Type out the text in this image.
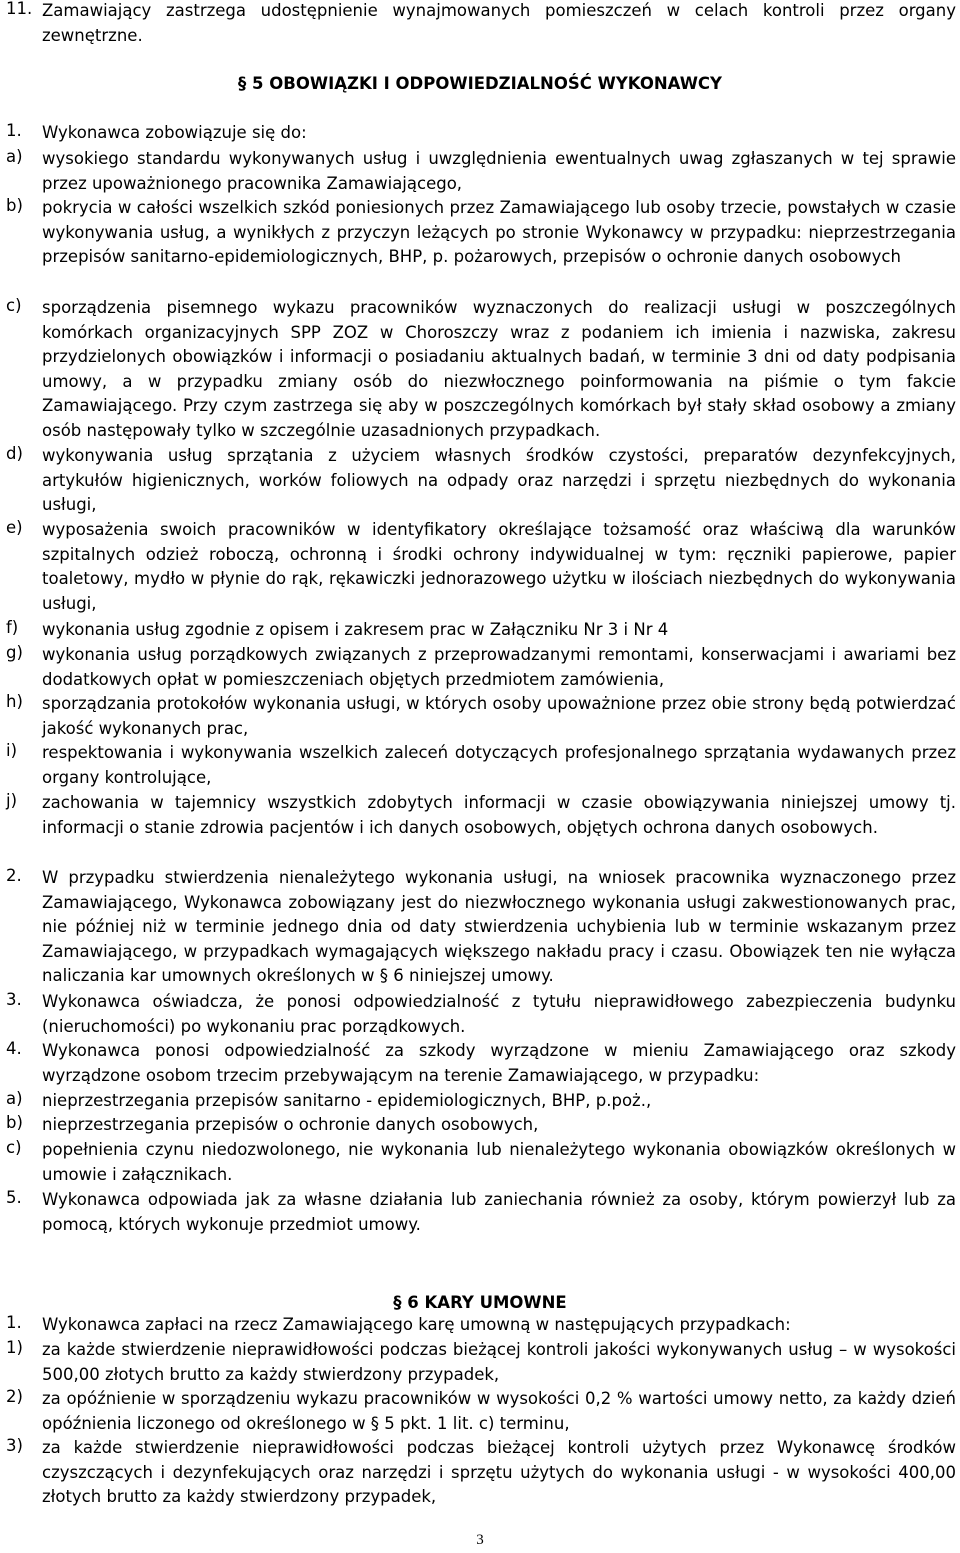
11. Zamawiający zastrzega udostępnienie wynajmowanych pomieszczeń w celach kontroli przez organy zewnętrzne.
§ 5 OBOWIĄZKI I ODPOWIEDZIALNOŚĆ WYKONAWCY
1. Wykonawca zobowiązuje się do:
a) wysokiego standardu wykonywanych usług i uwzględnienia ewentualnych uwag zgłaszanych w tej sprawie przez upoważnionego pracownika Zamawiającego,
b) pokrycia w całości wszelkich szkód poniesionych przez Zamawiającego lub osoby trzecie, powstałych w czasie wykonywania usług, a wynikłych z przyczyn leżących po stronie Wykonawcy w przypadku: nieprzestrzegania przepisów sanitarno-epidemiologicznych, BHP, p. pożarowych, przepisów o ochronie danych osobowych
c) sporządzenia pisemnego wykazu pracowników wyznaczonych do realizacji usługi w poszczególnych komórkach organizacyjnych SPP ZOZ w Choroszczy wraz z podaniem ich imienia i nazwiska, zakresu przydzielonych obowiązków i informacji o posiadaniu aktualnych badań, w terminie 3 dni od daty podpisania umowy, a w przypadku zmiany osób do niezwłocznego poinformowania na piśmie o tym fakcie Zamawiającego. Przy czym zastrzega się aby w poszczególnych komórkach był stały skład osobowy a zmiany osób następowały tylko w szczególnie uzasadnionych przypadkach.
d) wykonywania usług sprzątania z użyciem własnych środków czystości, preparatów dezynfekcyjnych, artykułów higienicznych, worków foliowych na odpady oraz narzędzi i sprzętu niezbędnych do wykonania usługi,
e) wyposażenia swoich pracowników w identyfikatory określające tożsamość oraz właściwą dla warunków szpitalnych odzież roboczą, ochronną i środki ochrony indywidualnej w tym: ręczniki papierowe, papier toaletowy, mydło w płynie do rąk, rękawiczki jednorazowego użytku w ilościach niezbędnych do wykonywania usługi,
f) wykonania usług zgodnie z opisem i zakresem prac w Załączniku Nr 3 i Nr 4
g) wykonania usług porządkowych związanych z przeprowadzanymi remontami, konserwacjami i awariami bez dodatkowych opłat w pomieszczeniach objętych przedmiotem zamówienia,
h) sporządzania protokołów wykonania usługi, w których osoby upoważnione przez obie strony będą potwierdzać jakość wykonanych prac,
i) respektowania i wykonywania wszelkich zaleceń dotyczących profesjonalnego sprzątania wydawanych przez organy kontrolujące,
j) zachowania w tajemnicy wszystkich zdobytych informacji w czasie obowiązywania niniejszej umowy tj. informacji o stanie zdrowia pacjentów i ich danych osobowych, objętych ochrona danych osobowych.
2. W przypadku stwierdzenia nienależytego wykonania usługi, na wniosek pracownika wyznaczonego przez Zamawiającego, Wykonawca zobowiązany jest do niezwłocznego wykonania usługi zakwestionowanych prac, nie później niż w terminie jednego dnia od daty stwierdzenia uchybienia lub w terminie wskazanym przez Zamawiającego, w przypadkach wymagających większego nakładu pracy i czasu. Obowiązek ten nie wyłącza naliczania kar umownych określonych w § 6 niniejszej umowy.
3. Wykonawca oświadcza, że ponosi odpowiedzialność z tytułu nieprawidłowego zabezpieczenia budynku (nieruchomości) po wykonaniu prac porządkowych.
4. Wykonawca ponosi odpowiedzialność za szkody wyrządzone w mieniu Zamawiającego oraz szkody wyrządzone osobom trzecim przebywającym na terenie Zamawiającego, w przypadku:
a) nieprzestrzegania przepisów sanitarno - epidemiologicznych, BHP, p.poż.,
b) nieprzestrzegania przepisów o ochronie danych osobowych,
c) popełnienia czynu niedozwolonego, nie wykonania lub nienależytego wykonania obowiązków określonych w umowie i załącznikach.
5. Wykonawca odpowiada jak za własne działania lub zaniechania również za osoby, którym powierzył lub za pomocą, których wykonuje przedmiot umowy.
§ 6 KARY UMOWNE
1. Wykonawca zapłaci na rzecz Zamawiającego karę umowną w następujących przypadkach:
1) za każde stwierdzenie nieprawidłowości podczas bieżącej kontroli jakości wykonywanych usług – w wysokości 500,00 złotych brutto za każdy stwierdzony przypadek,
2) za opóźnienie w sporządzeniu wykazu pracowników w wysokości 0,2 % wartości umowy netto, za każdy dzień opóźnienia liczonego od określonego w § 5 pkt. 1 lit. c) terminu,
3) za każde stwierdzenie nieprawidłowości podczas bieżącej kontroli użytych przez Wykonawcę środków czyszczących i dezynfekujących oraz narzędzi i sprzętu użytych do wykonania usługi - w wysokości 400,00 złotych brutto za każdy stwierdzony przypadek,
3
